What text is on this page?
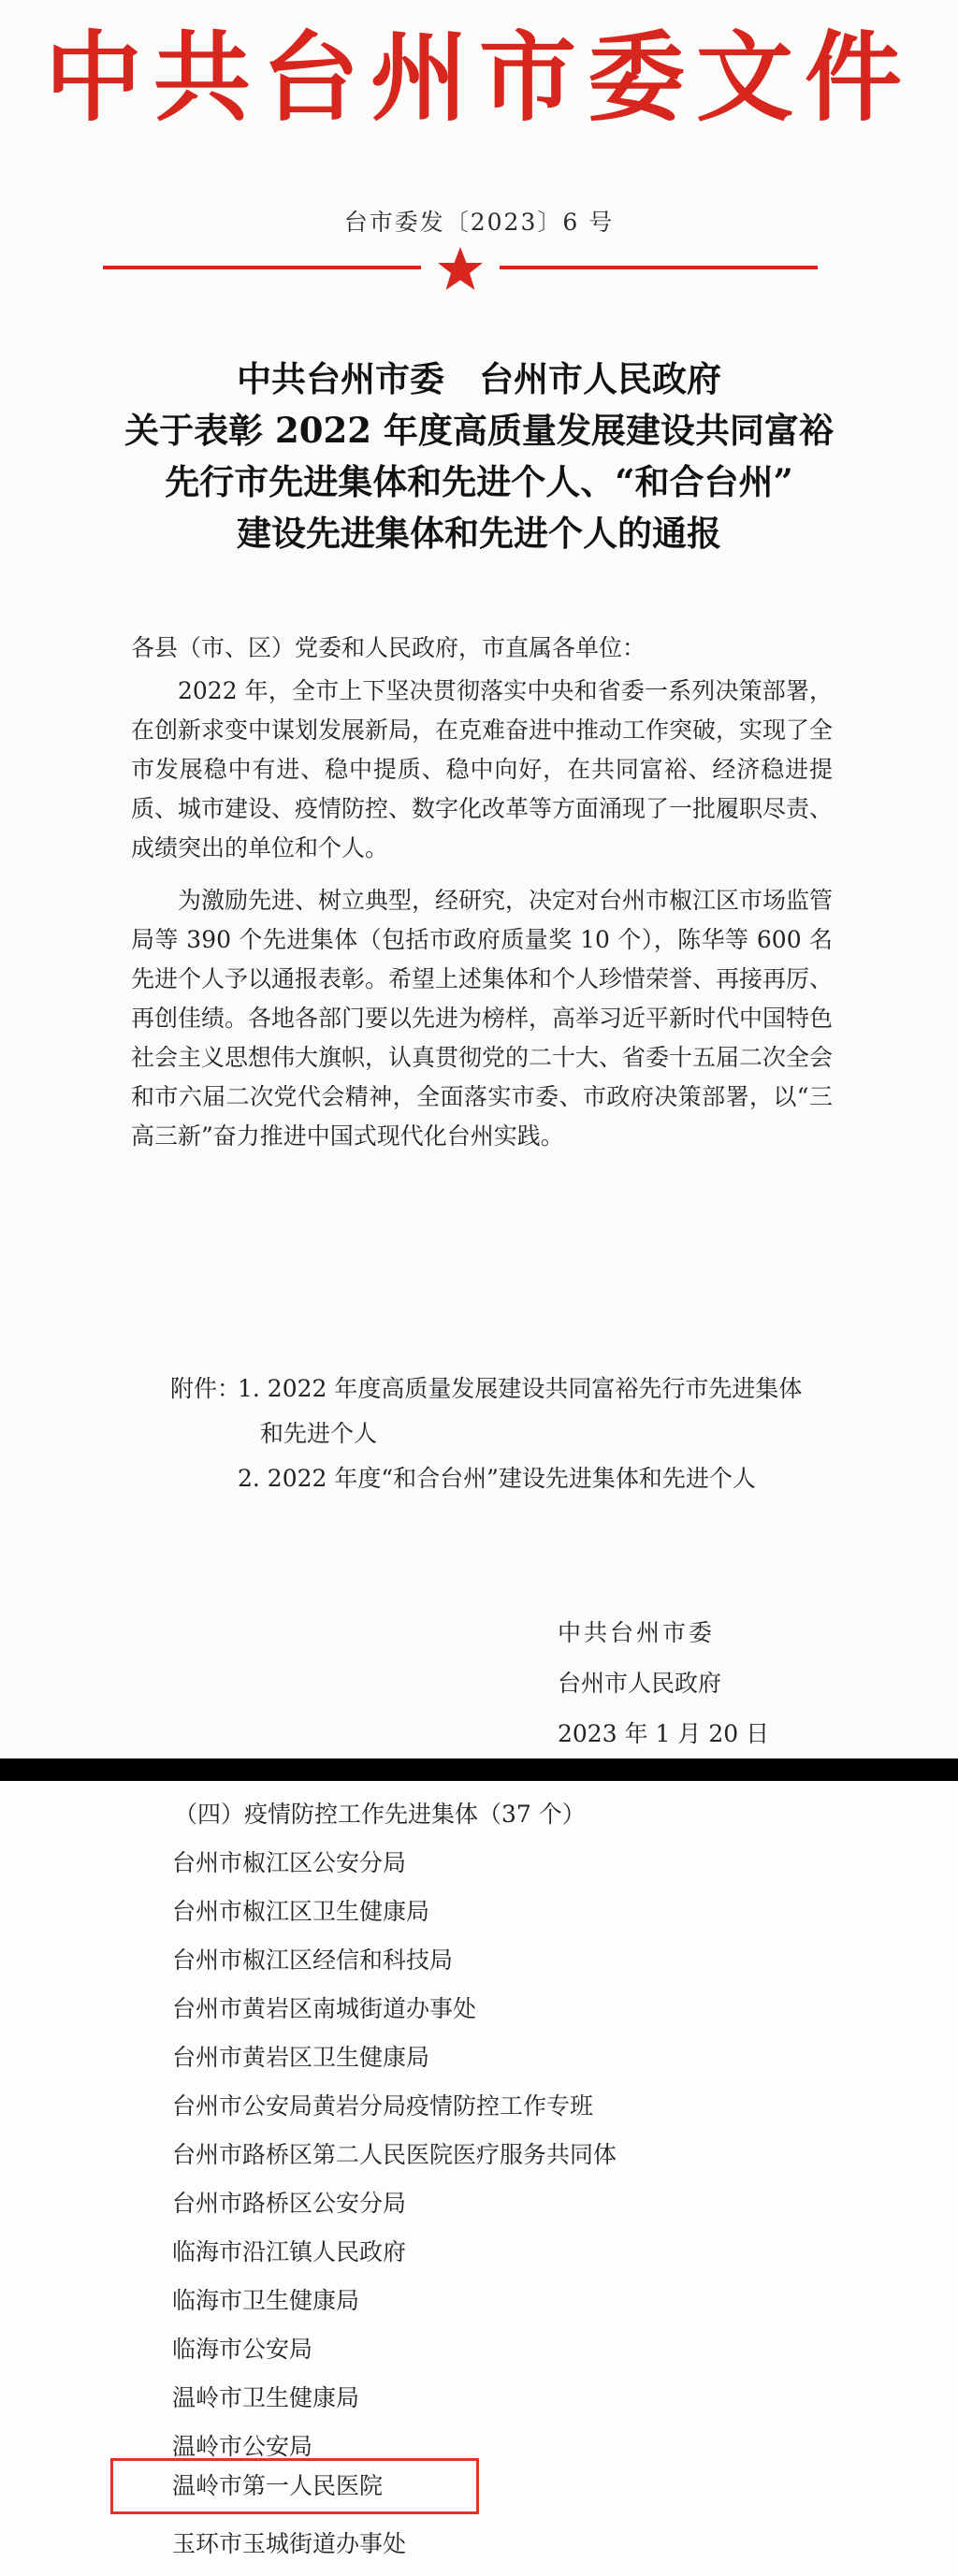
中共台州市委文件
台市委发〔2023〕6 号
中共台州市委　台州市人民政府
关于表彰 2022 年度高质量发展建设共同富裕
先行市先进集体和先进个人、“和合台州”
建设先进集体和先进个人的通报
各县（市、区）党委和人民政府，市直属各单位：
2022 年，全市上下坚决贯彻落实中央和省委一系列决策部署，在创新求变中谋划发展新局，在克难奋进中推动工作突破，实现了全市发展稳中有进、稳中提质、稳中向好，在共同富裕、经济稳进提质、城市建设、疫情防控、数字化改革等方面涌现了一批履职尽责、成绩突出的单位和个人。
为激励先进、树立典型，经研究，决定对台州市椒江区市场监管局等 390 个先进集体（包括市政府质量奖 10 个），陈华等 600 名先进个人予以通报表彰。希望上述集体和个人珍惜荣誉、再接再厉、再创佳绩。各地各部门要以先进为榜样，高举习近平新时代中国特色社会主义思想伟大旗帜，认真贯彻党的二十大、省委十五届二次全会和市六届二次党代会精神，全面落实市委、市政府决策部署，以“三高三新”奋力推进中国式现代化台州实践。
附件：
1. 2022 年度高质量发展建设共同富裕先行市先进集体
和先进个人
2. 2022 年度“和合台州”建设先进集体和先进个人
中共台州市委
台州市人民政府
2023 年 1 月 20 日
（四）疫情防控工作先进集体（37 个）
台州市椒江区公安分局
台州市椒江区卫生健康局
台州市椒江区经信和科技局
台州市黄岩区南城街道办事处
台州市黄岩区卫生健康局
台州市公安局黄岩分局疫情防控工作专班
台州市路桥区第二人民医院医疗服务共同体
台州市路桥区公安分局
临海市沿江镇人民政府
临海市卫生健康局
临海市公安局
温岭市卫生健康局
温岭市公安局
温岭市第一人民医院
玉环市玉城街道办事处
